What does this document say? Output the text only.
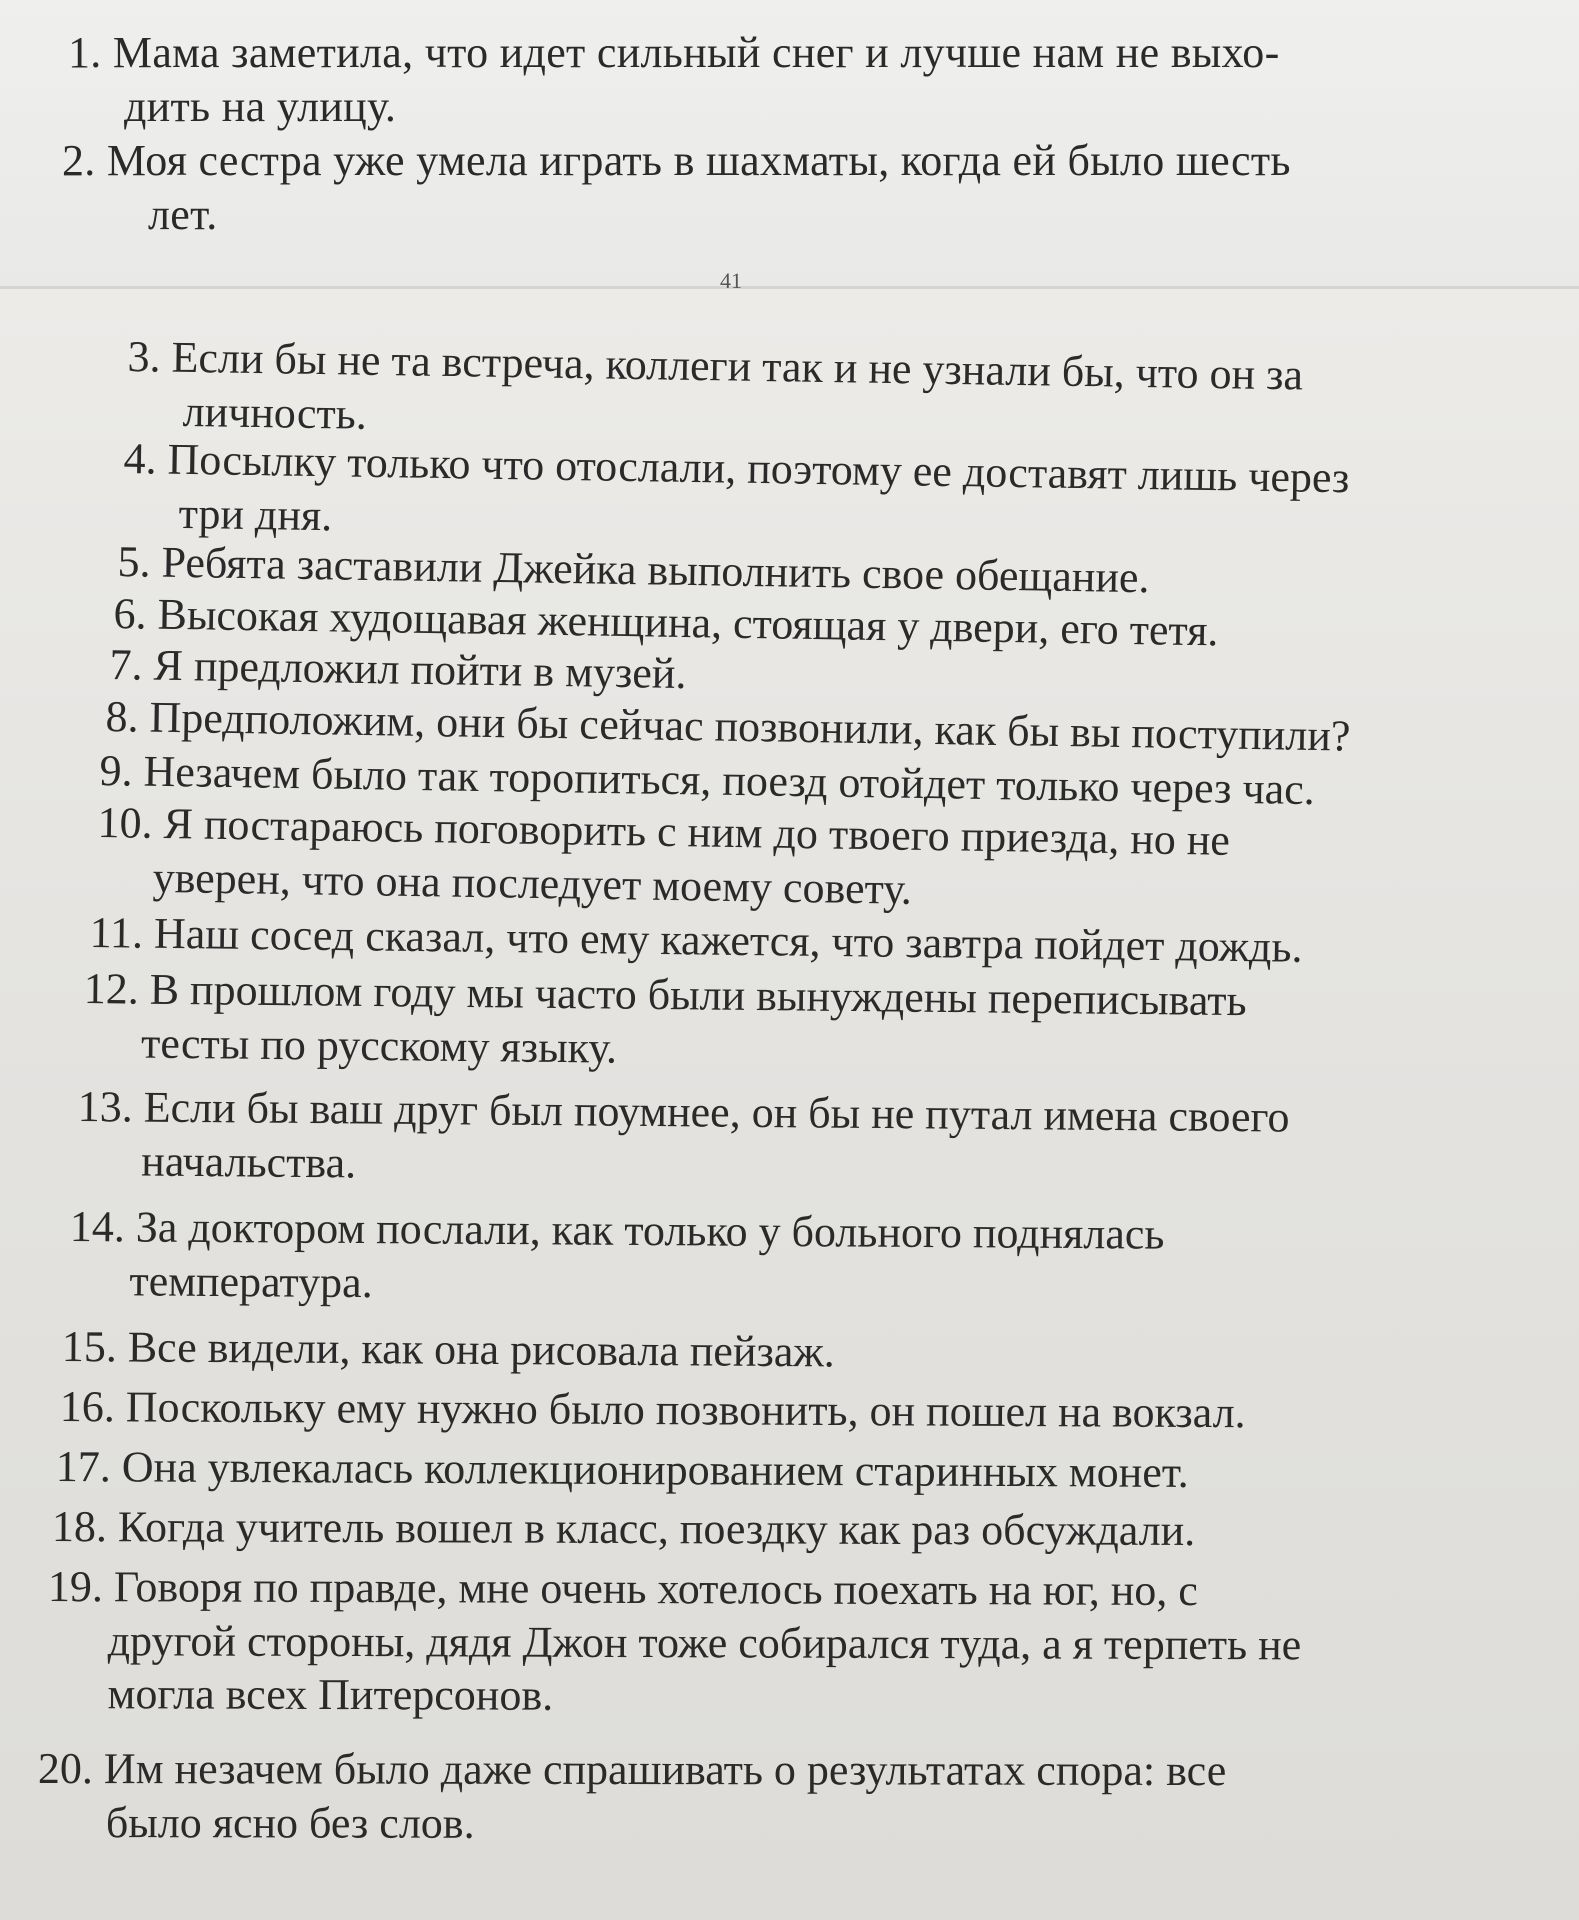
41
1. Мама заметила, что идет сильный снег и лучше нам не выхо-
дить на улицу.
2. Моя сестра уже умела играть в шахматы, когда ей было шесть
лет.
3. Если бы не та встреча, коллеги так и не узнали бы, что он за
личность.
4. Посылку только что отослали, поэтому ее доставят лишь через
три дня.
5. Ребята заставили Джейка выполнить свое обещание.
6. Высокая худощавая женщина, стоящая у двери, его тетя.
7. Я предложил пойти в музей.
8. Предположим, они бы сейчас позвонили, как бы вы поступили?
9. Незачем было так торопиться, поезд отойдет только через час.
10. Я постараюсь поговорить с ним до твоего приезда, но не
уверен, что она последует моему совету.
11. Наш сосед сказал, что ему кажется, что завтра пойдет дождь.
12. В прошлом году мы часто были вынуждены переписывать
тесты по русскому языку.
13. Если бы ваш друг был поумнее, он бы не путал имена своего
начальства.
14. За доктором послали, как только у больного поднялась
температура.
15. Все видели, как она рисовала пейзаж.
16. Поскольку ему нужно было позвонить, он пошел на вокзал.
17. Она увлекалась коллекционированием старинных монет.
18. Когда учитель вошел в класс, поездку как раз обсуждали.
19. Говоря по правде, мне очень хотелось поехать на юг, но, с
другой стороны, дядя Джон тоже собирался туда, а я терпеть не
могла всех Питерсонов.
20. Им незачем было даже спрашивать о результатах спора: все
было ясно без слов.
